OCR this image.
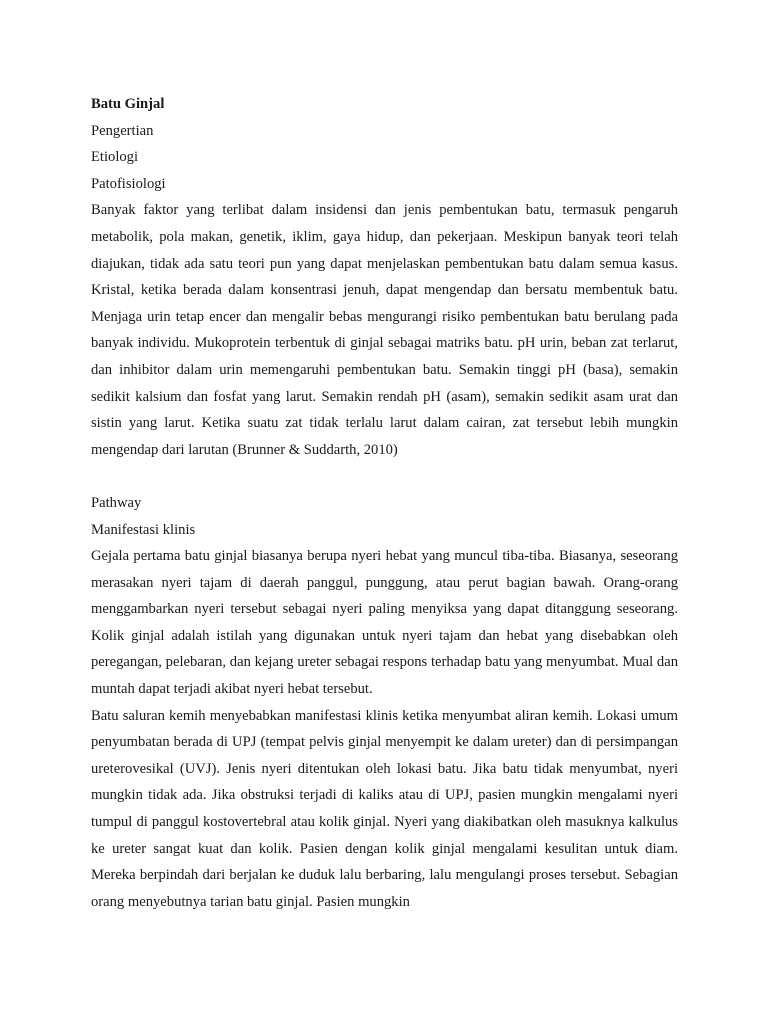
Batu Ginjal

Pengertian

Etiologi

Patofisiologi

Banyak faktor yang terlibat dalam insidensi dan jenis pembentukan batu, termasuk pengaruh metabolik, pola makan, genetik, iklim, gaya hidup, dan pekerjaan. Meskipun banyak teori telah diajukan, tidak ada satu teori pun yang dapat menjelaskan pembentukan batu dalam semua kasus. Kristal, ketika berada dalam konsentrasi jenuh, dapat mengendap dan bersatu membentuk batu. Menjaga urin tetap encer dan mengalir bebas mengurangi risiko pembentukan batu berulang pada banyak individu. Mukoprotein terbentuk di ginjal sebagai matriks batu. pH urin, beban zat terlarut, dan inhibitor dalam urin memengaruhi pembentukan batu. Semakin tinggi pH (basa), semakin sedikit kalsium dan fosfat yang larut. Semakin rendah pH (asam), semakin sedikit asam urat dan sistin yang larut. Ketika suatu zat tidak terlalu larut dalam cairan, zat tersebut lebih mungkin mengendap dari larutan (Brunner & Suddarth, 2010)

Pathway

Manifestasi klinis

Gejala pertama batu ginjal biasanya berupa nyeri hebat yang muncul tiba-tiba. Biasanya, seseorang merasakan nyeri tajam di daerah panggul, punggung, atau perut bagian bawah. Orang-orang menggambarkan nyeri tersebut sebagai nyeri paling menyiksa yang dapat ditanggung seseorang. Kolik ginjal adalah istilah yang digunakan untuk nyeri tajam dan hebat yang disebabkan oleh peregangan, pelebaran, dan kejang ureter sebagai respons terhadap batu yang menyumbat. Mual dan muntah dapat terjadi akibat nyeri hebat tersebut.

Batu saluran kemih menyebabkan manifestasi klinis ketika menyumbat aliran kemih. Lokasi umum penyumbatan berada di UPJ (tempat pelvis ginjal menyempit ke dalam ureter) dan di persimpangan ureterovesikal (UVJ). Jenis nyeri ditentukan oleh lokasi batu. Jika batu tidak menyumbat, nyeri mungkin tidak ada. Jika obstruksi terjadi di kaliks atau di UPJ, pasien mungkin mengalami nyeri tumpul di panggul kostovertebral atau kolik ginjal. Nyeri yang diakibatkan oleh masuknya kalkulus ke ureter sangat kuat dan kolik. Pasien dengan kolik ginjal mengalami kesulitan untuk diam. Mereka berpindah dari berjalan ke duduk lalu berbaring, lalu mengulangi proses tersebut. Sebagian orang menyebutnya tarian batu ginjal. Pasien mungkin
